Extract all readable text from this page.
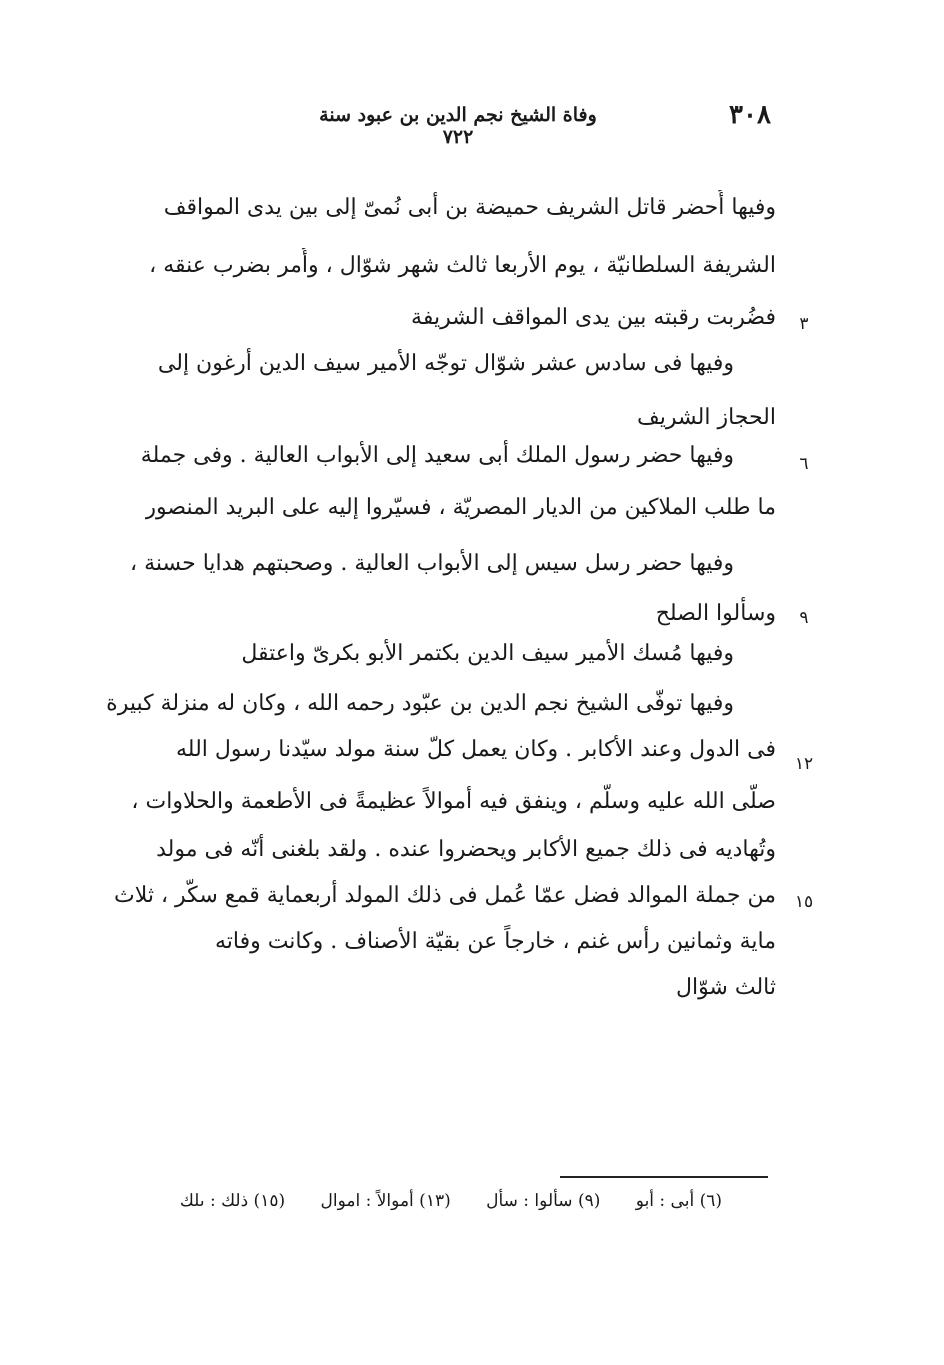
وفاة الشيخ نجم الدين بن عبود سنة ٧٢٢
٣٠٨
وفيها أُحضر قاتل الشريف حميضة بن أبى نُمىّ إلى بين يدى المواقف
الشريفة السلطانيّة ، يوم الأربعا ثالث شهر شوّال ، وأُمر بضرب عنقه ،
فضُربت رقبته بين يدى المواقف الشريفة
وفيها فى سادس عشر شوّال توجّه الأمير سيف الدين أرغون إلى
الحجاز الشريف
وفيها حضر رسول الملك أبى سعيد إلى الأبواب العالية . وفى جملة
ما طلب الملاكين من الديار المصريّة ، فسيّروا إليه على البريد المنصور
وفيها حضر رسل سيس إلى الأبواب العالية . وصحبتهم هدايا حسنة ،
وسألوا الصلح
وفيها مُسك الأمير سيف الدين بكتمر الأبو بكرىّ واعتقل
وفيها توفّى الشيخ نجم الدين بن عبّود رحمه الله ، وكان له منزلة كبيرة
فى الدول وعند الأكابر . وكان يعمل كلّ سنة مولد سيّدنا رسول الله
صلّى الله عليه وسلّم ، وينفق فيه أموالاً عظيمةً فى الأطعمة والحلاوات ،
وتُهاديه فى ذلك جميع الأكابر ويحضروا عنده . ولقد بلغنى أنّه فى مولد
من جملة الموالد فضل عمّا عُمل فى ذلك المولد أربعماية قمع سكّر ، ثلاث
ماية وثمانين رأس غنم ، خارجاً عن بقيّة الأصناف . وكانت وفاته
ثالث شوّال
٣
٦
٩
١٢
١٥
(٦) أبى : أبو (٩) سألوا : سأل (١٣) أموالاً : اموال (١٥) ذلك : ىلك
